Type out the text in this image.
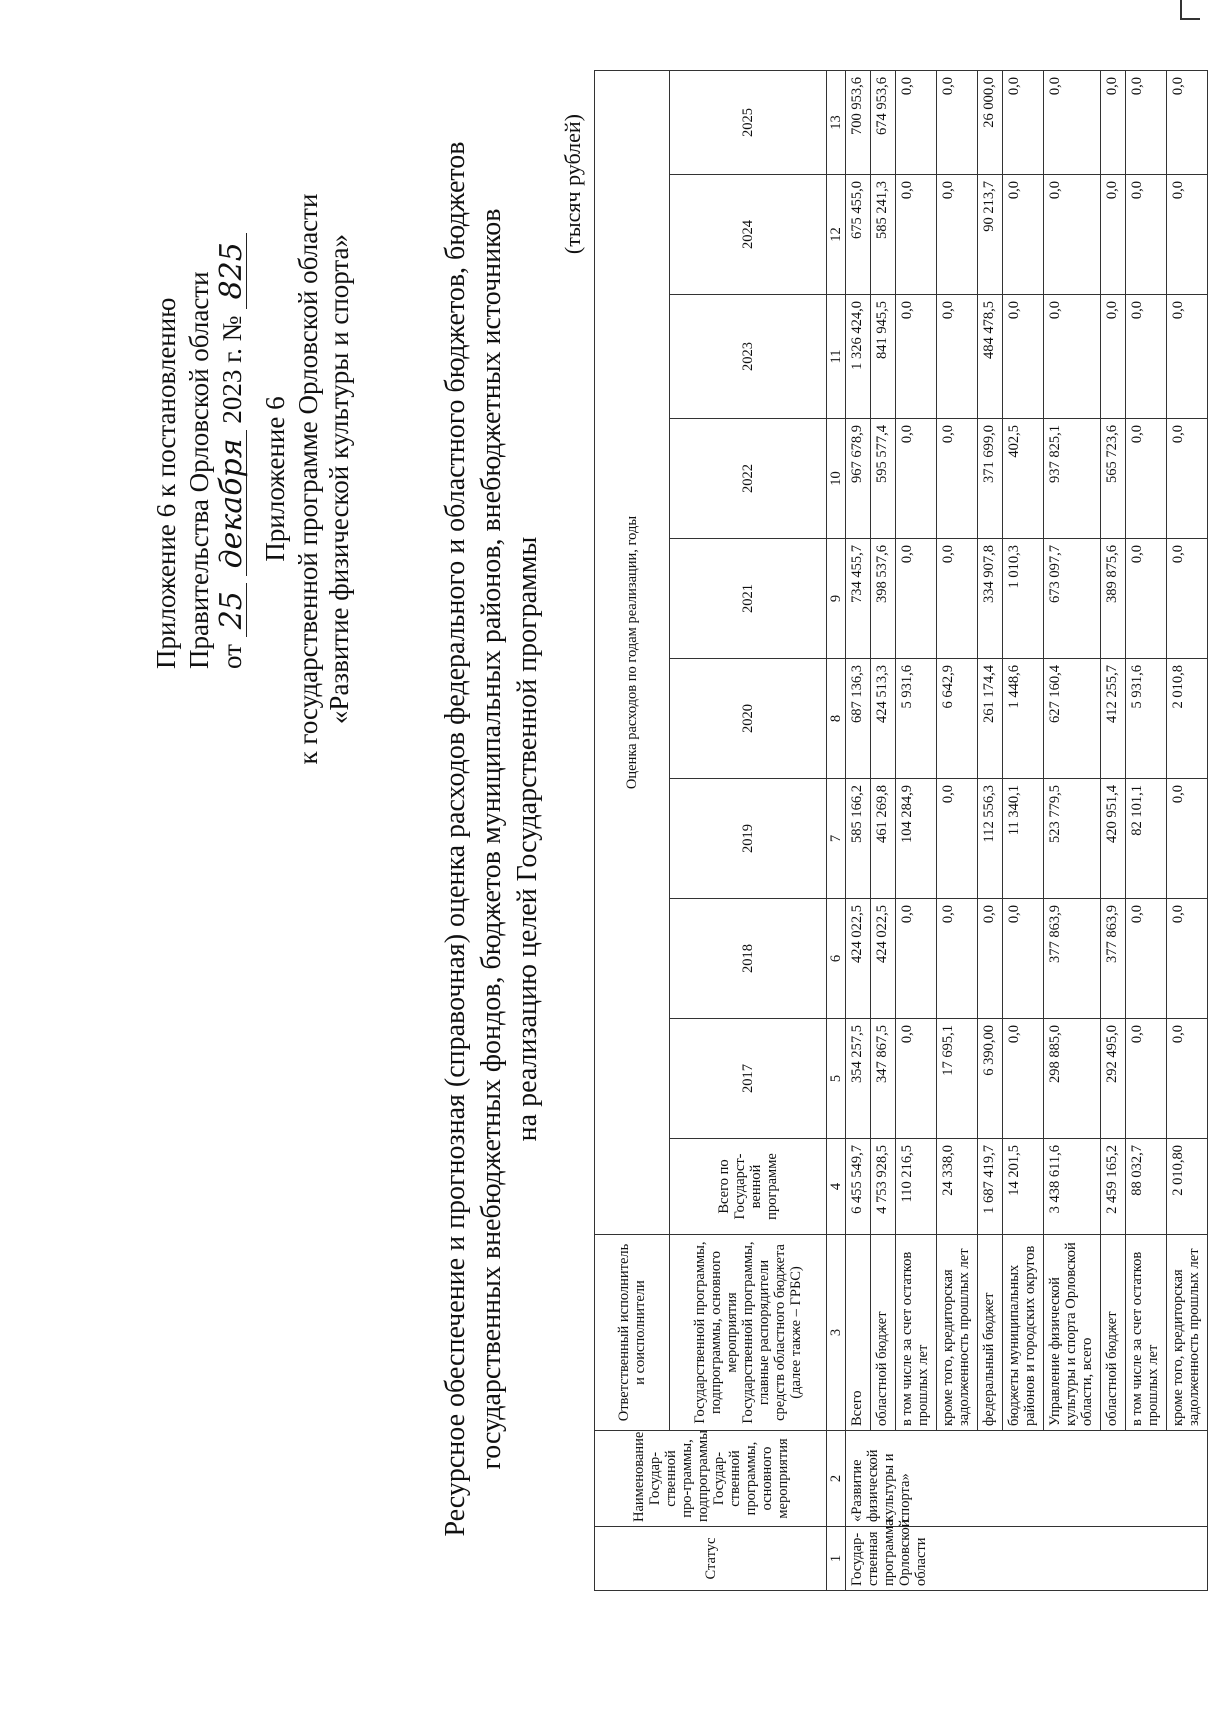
Приложение 6 к постановлению Правительства Орловской области от 25 декабря 2023 г. № 825
Приложение 6 к государственной программе Орловской области «Развитие физической культуры и спорта»	Ресурсное обеспечение и прогнозная (справочная) оценка расходов федерального и областного бюджетов, бюджетов государственных внебюджетных фондов, бюджетов муниципальных районов, внебюджетных источников на реализацию целей Государственной программы
(тысяч рублей)
Статус	Наименование Государ-ственной про-граммы, подпрограммы Государ-ственной программы, основного мероприятия	Ответственный исполнитель и соисполнители	Оценка расходов по годам реализации, годы									
		Государственной программы, подпрограммы, основного мероприятия Государственной программы, главные распорядители средств областного бюджета (далее также – ГРБС)	Всего по Государст-венной программе	2017	2018	2019	2020	2021	2022	2023	2024	2025
1	2	3	4	5	6	7	8	9	10	11	12	13
Государ-ственная программа Орловской области	«Развитие физической культуры и спорта»	Всего	6 455 549,7	354 257,5	424 022,5	585 166,2	687 136,3	734 455,7	967 678,9	1 326 424,0	675 455,0	700 953,6
		областной бюджет	4 753 928,5	347 867,5	424 022,5	461 269,8	424 513,3	398 537,6	595 577,4	841 945,5	585 241,3	674 953,6
		в том числе за счет остатков прошлых лет	110 216,5	0,0	0,0	104 284,9	5 931,6	0,0	0,0	0,0	0,0	0,0
		кроме того, кредиторская задолженность прошлых лет	24 338,0	17 695,1	0,0	0,0	6 642,9	0,0	0,0	0,0	0,0	0,0
		федеральный бюджет	1 687 419,7	6 390,00	0,0	112 556,3	261 174,4	334 907,8	371 699,0	484 478,5	90 213,7	26 000,0
		бюджеты муниципальных районов и городских округов	14 201,5	0,0	0,0	11 340,1	1 448,6	1 010,3	402,5	0,0	0,0	0,0
		Управление физической культуры и спорта Орловской области, всего	3 438 611,6	298 885,0	377 863,9	523 779,5	627 160,4	673 097,7	937 825,1	0,0	0,0	0,0
		областной бюджет	2 459 165,2	292 495,0	377 863,9	420 951,4	412 255,7	389 875,6	565 723,6	0,0	0,0	0,0
		в том числе за счет остатков прошлых лет	88 032,7	0,0	0,0	82 101,1	5 931,6	0,0	0,0	0,0	0,0	0,0
		кроме того, кредиторская задолженность прошлых лет	2 010,80	0,0	0,0	0,0	2 010,8	0,0	0,0	0,0	0,0	0,0
